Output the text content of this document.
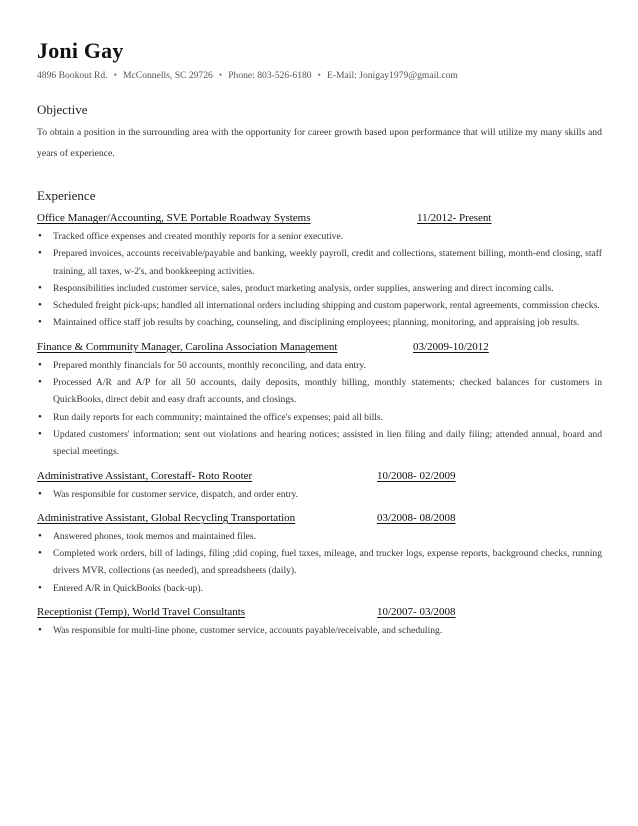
Joni Gay
4896 Bookout Rd. • McConnells, SC 29726 • Phone: 803-526-6180 • E-Mail: Jonigay1979@gmail.com
Objective
To obtain a position in the surrounding area with the opportunity for career growth based upon performance that will utilize my many skills and years of experience.
Experience
Office Manager/Accounting, SVE Portable Roadway Systems	11/2012- Present
• Tracked office expenses and created monthly reports for a senior executive.
• Prepared invoices, accounts receivable/payable and banking, weekly payroll, credit and collections, statement billing, month-end closing, staff training, all taxes, w-2's, and bookkeeping activities.
• Responsibilities included customer service, sales, product marketing analysis, order supplies, answering and direct incoming calls.
• Scheduled freight pick-ups; handled all international orders including shipping and custom paperwork, rental agreements, commission checks.
• Maintained office staff job results by coaching, counseling, and disciplining employees; planning, monitoring, and appraising job results.
Finance & Community Manager, Carolina Association Management	03/2009-10/2012
• Prepared monthly financials for 50 accounts, monthly reconciling, and data entry.
• Processed A/R and A/P for all 50 accounts, daily deposits, monthly billing, monthly statements; checked balances for customers in QuickBooks, direct debit and easy draft accounts, and closings.
• Run daily reports for each community; maintained the office's expenses; paid all bills.
• Updated customers' information; sent out violations and hearing notices; assisted in lien filing and daily filing; attended annual, board and special meetings.
Administrative Assistant, Corestaff- Roto Rooter	10/2008- 02/2009
• Was responsible for customer service, dispatch, and order entry.
Administrative Assistant, Global Recycling Transportation	03/2008- 08/2008
• Answered phones, took memos and maintained files.
• Completed work orders, bill of ladings, filing ;did coping, fuel taxes, mileage, and trucker logs, expense reports, background checks, running drivers MVR, collections (as needed), and spreadsheets (daily).
• Entered A/R in QuickBooks (back-up).
Receptionist (Temp), World Travel Consultants	10/2007- 03/2008
• Was responsible for multi-line phone, customer service, accounts payable/receivable, and scheduling.
